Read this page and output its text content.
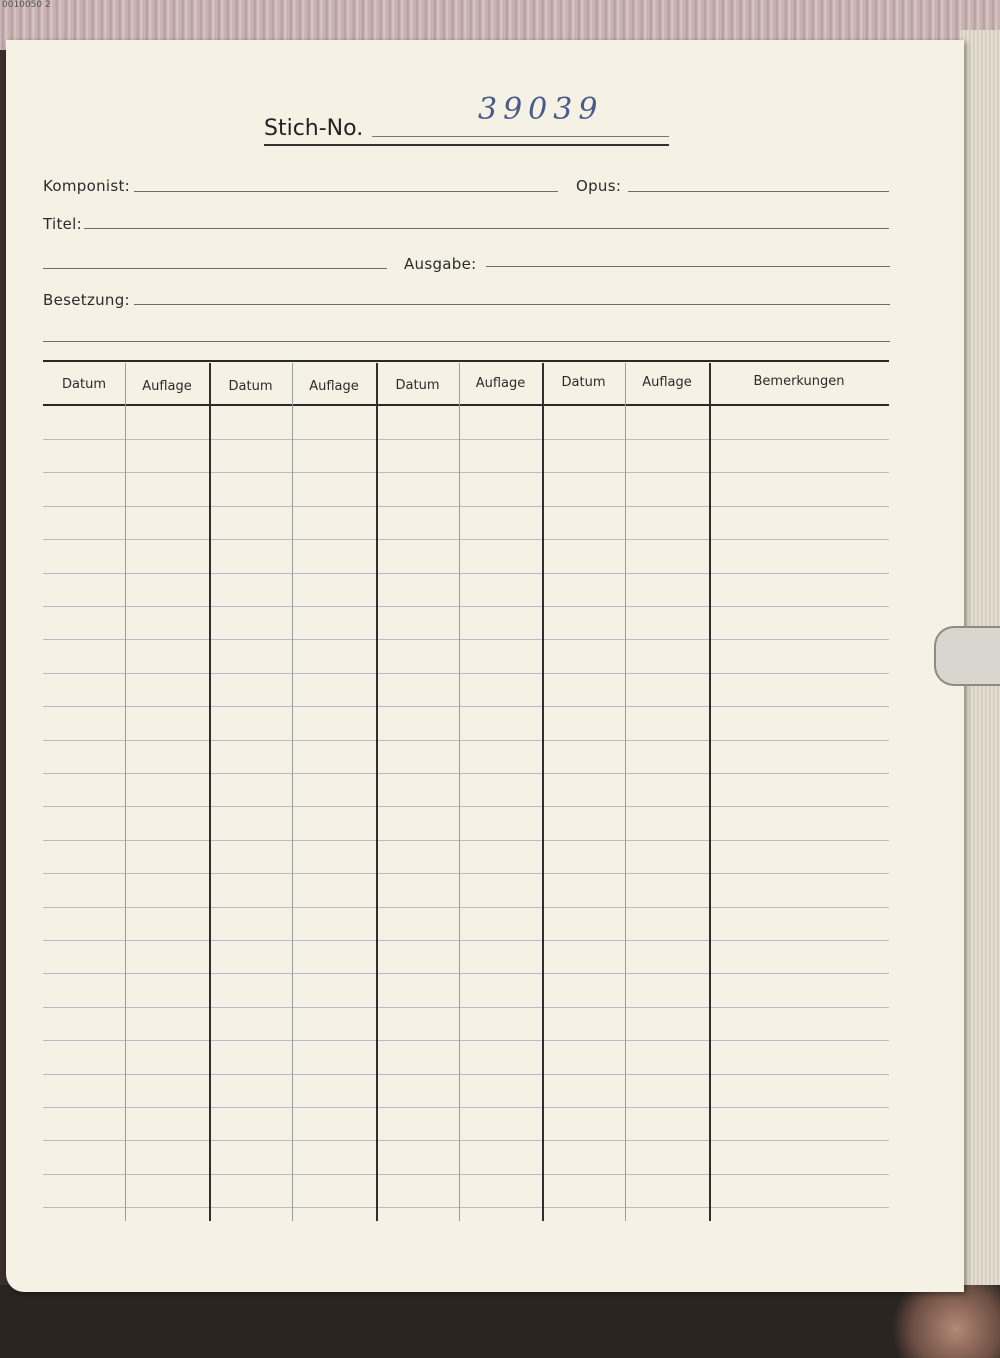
0010050 2
Stich-No.
39039
Komponist:	Opus:
Titel:
Ausgabe:
Besetzung:
Datum	Auflage	Datum	Auflage	Datum	Auflage	Datum	Auflage	Bemerkungen
